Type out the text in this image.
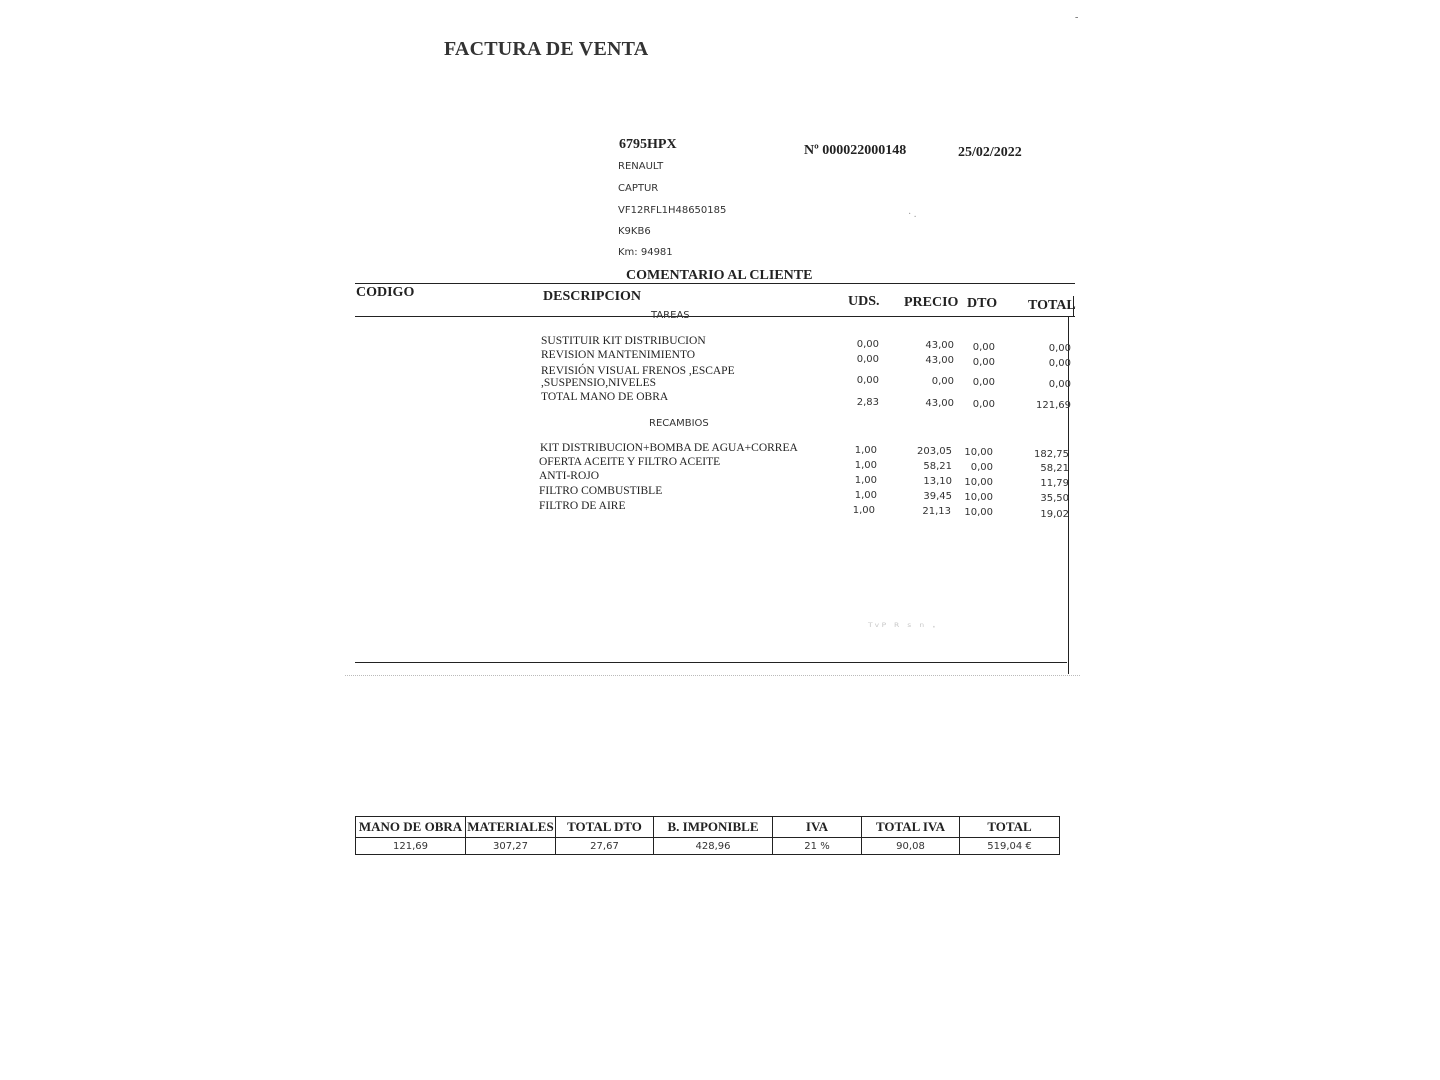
FACTURA DE VENTA
-
6795HPX	Nº 000022000148	25/02/2022
RENAULT
CAPTUR
VF12RFL1H48650185
K9KB6
Km: 94981
· .
COMENTARIO AL CLIENTE
CODIGO	DESCRIPCION	UDS. PRECIO DTO TOTAL
TAREAS
SUSTITUIR KIT DISTRIBUCION	0,00	43,00	0,00	0,00
REVISION MANTENIMIENTO	0,00	43,00	0,00	0,00
REVISIÓN VISUAL FRENOS ,ESCAPE
,SUSPENSIO,NIVELES	0,00	0,00	0,00	0,00
TOTAL MANO DE OBRA	2,83	43,00	0,00	121,69
RECAMBIOS
KIT DISTRIBUCION+BOMBA DE AGUA+CORREA	1,00	203,05	10,00	182,75
OFERTA ACEITE Y FILTRO ACEITE	1,00	58,21	0,00	58,21
ANTI-ROJO	1,00	13,10	10,00	11,79
FILTRO COMBUSTIBLE	1,00	39,45	10,00	35,50
FILTRO DE AIRE	1,00	21,13	10,00	19,02
ᵀᵛᴾ ᴿ ˢ ⁿ ·
MANO DE OBRA	MATERIALES	TOTAL DTO	B. IMPONIBLE	IVA	TOTAL IVA	TOTAL
121,69	307,27	27,67	428,96	21 %	90,08	519,04 €
